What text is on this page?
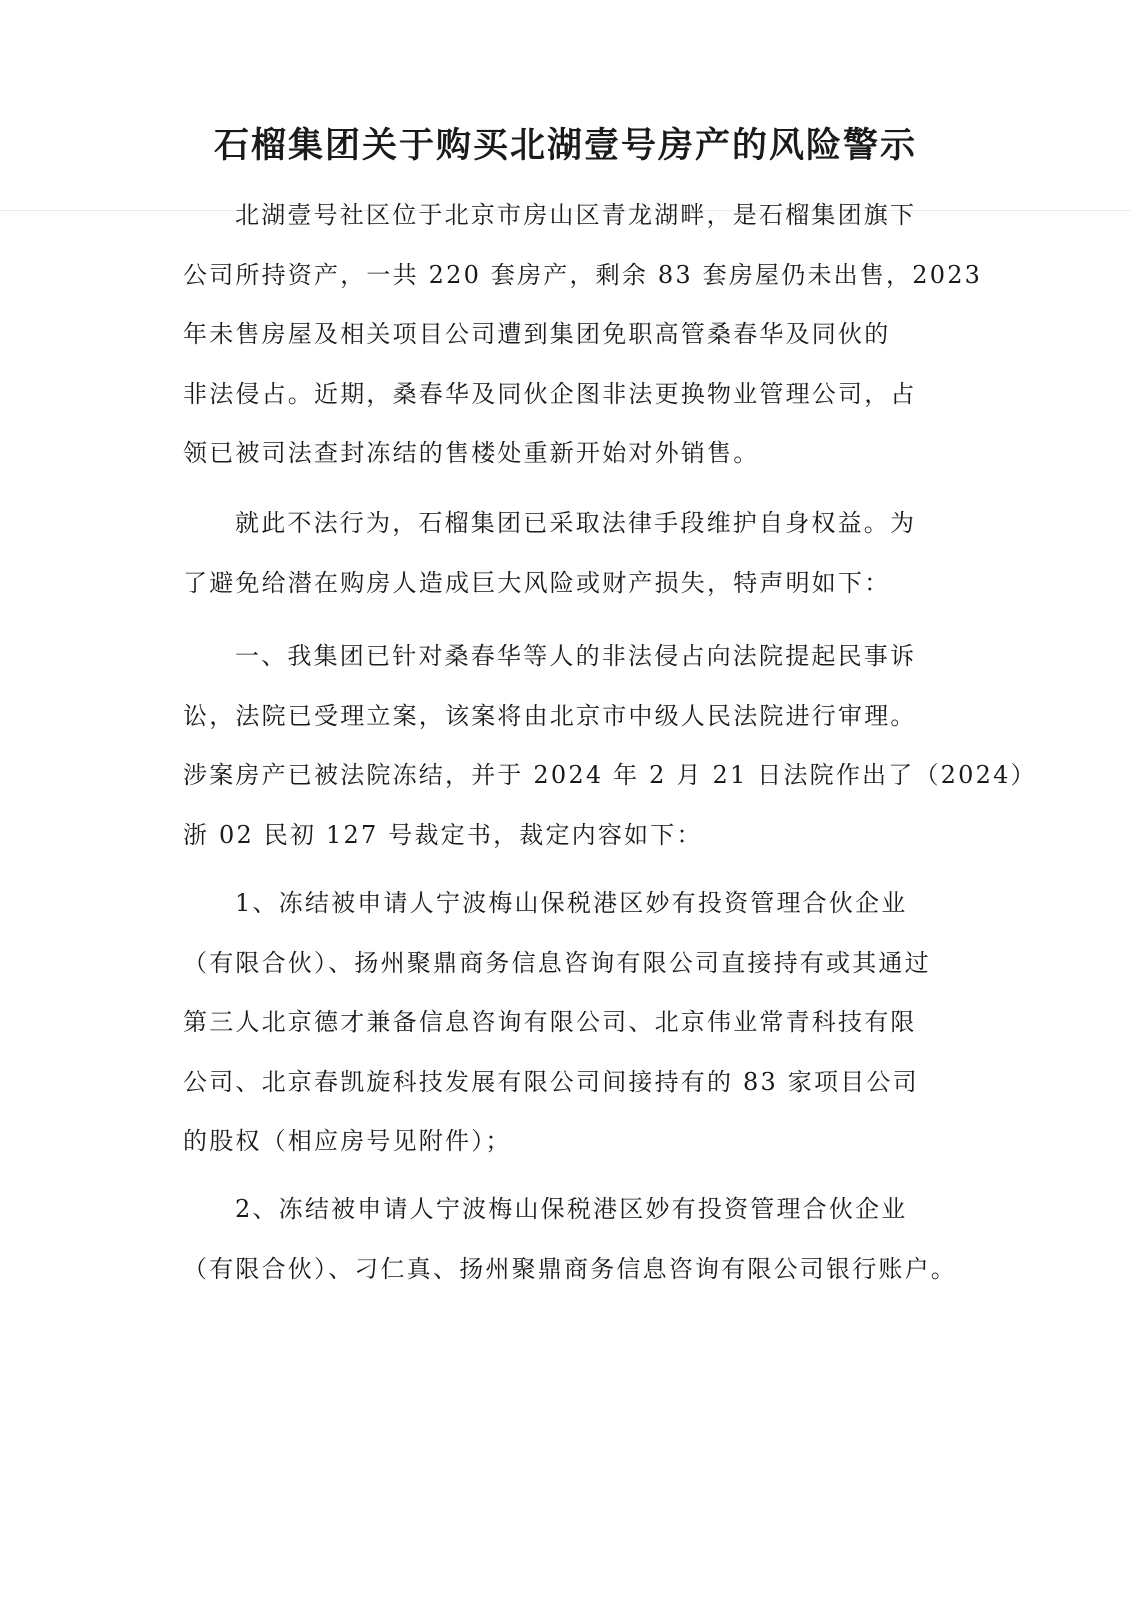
石榴集团关于购买北湖壹号房产的风险警示

北湖壹号社区位于北京市房山区青龙湖畔，是石榴集团旗下
公司所持资产，一共 220 套房产，剩余 83 套房屋仍未出售，2023
年未售房屋及相关项目公司遭到集团免职高管桑春华及同伙的
非法侵占。近期，桑春华及同伙企图非法更换物业管理公司，占
领已被司法查封冻结的售楼处重新开始对外销售。

就此不法行为，石榴集团已采取法律手段维护自身权益。为
了避免给潜在购房人造成巨大风险或财产损失，特声明如下：

一、我集团已针对桑春华等人的非法侵占向法院提起民事诉
讼，法院已受理立案，该案将由北京市中级人民法院进行审理。
涉案房产已被法院冻结，并于 2024 年 2 月 21 日法院作出了（2024）
浙 02 民初 127 号裁定书，裁定内容如下：

1、冻结被申请人宁波梅山保税港区妙有投资管理合伙企业
（有限合伙）、扬州聚鼎商务信息咨询有限公司直接持有或其通过
第三人北京德才兼备信息咨询有限公司、北京伟业常青科技有限
公司、北京春凯旋科技发展有限公司间接持有的 83 家项目公司
的股权（相应房号见附件）；

2、冻结被申请人宁波梅山保税港区妙有投资管理合伙企业
（有限合伙）、刁仁真、扬州聚鼎商务信息咨询有限公司银行账户。
